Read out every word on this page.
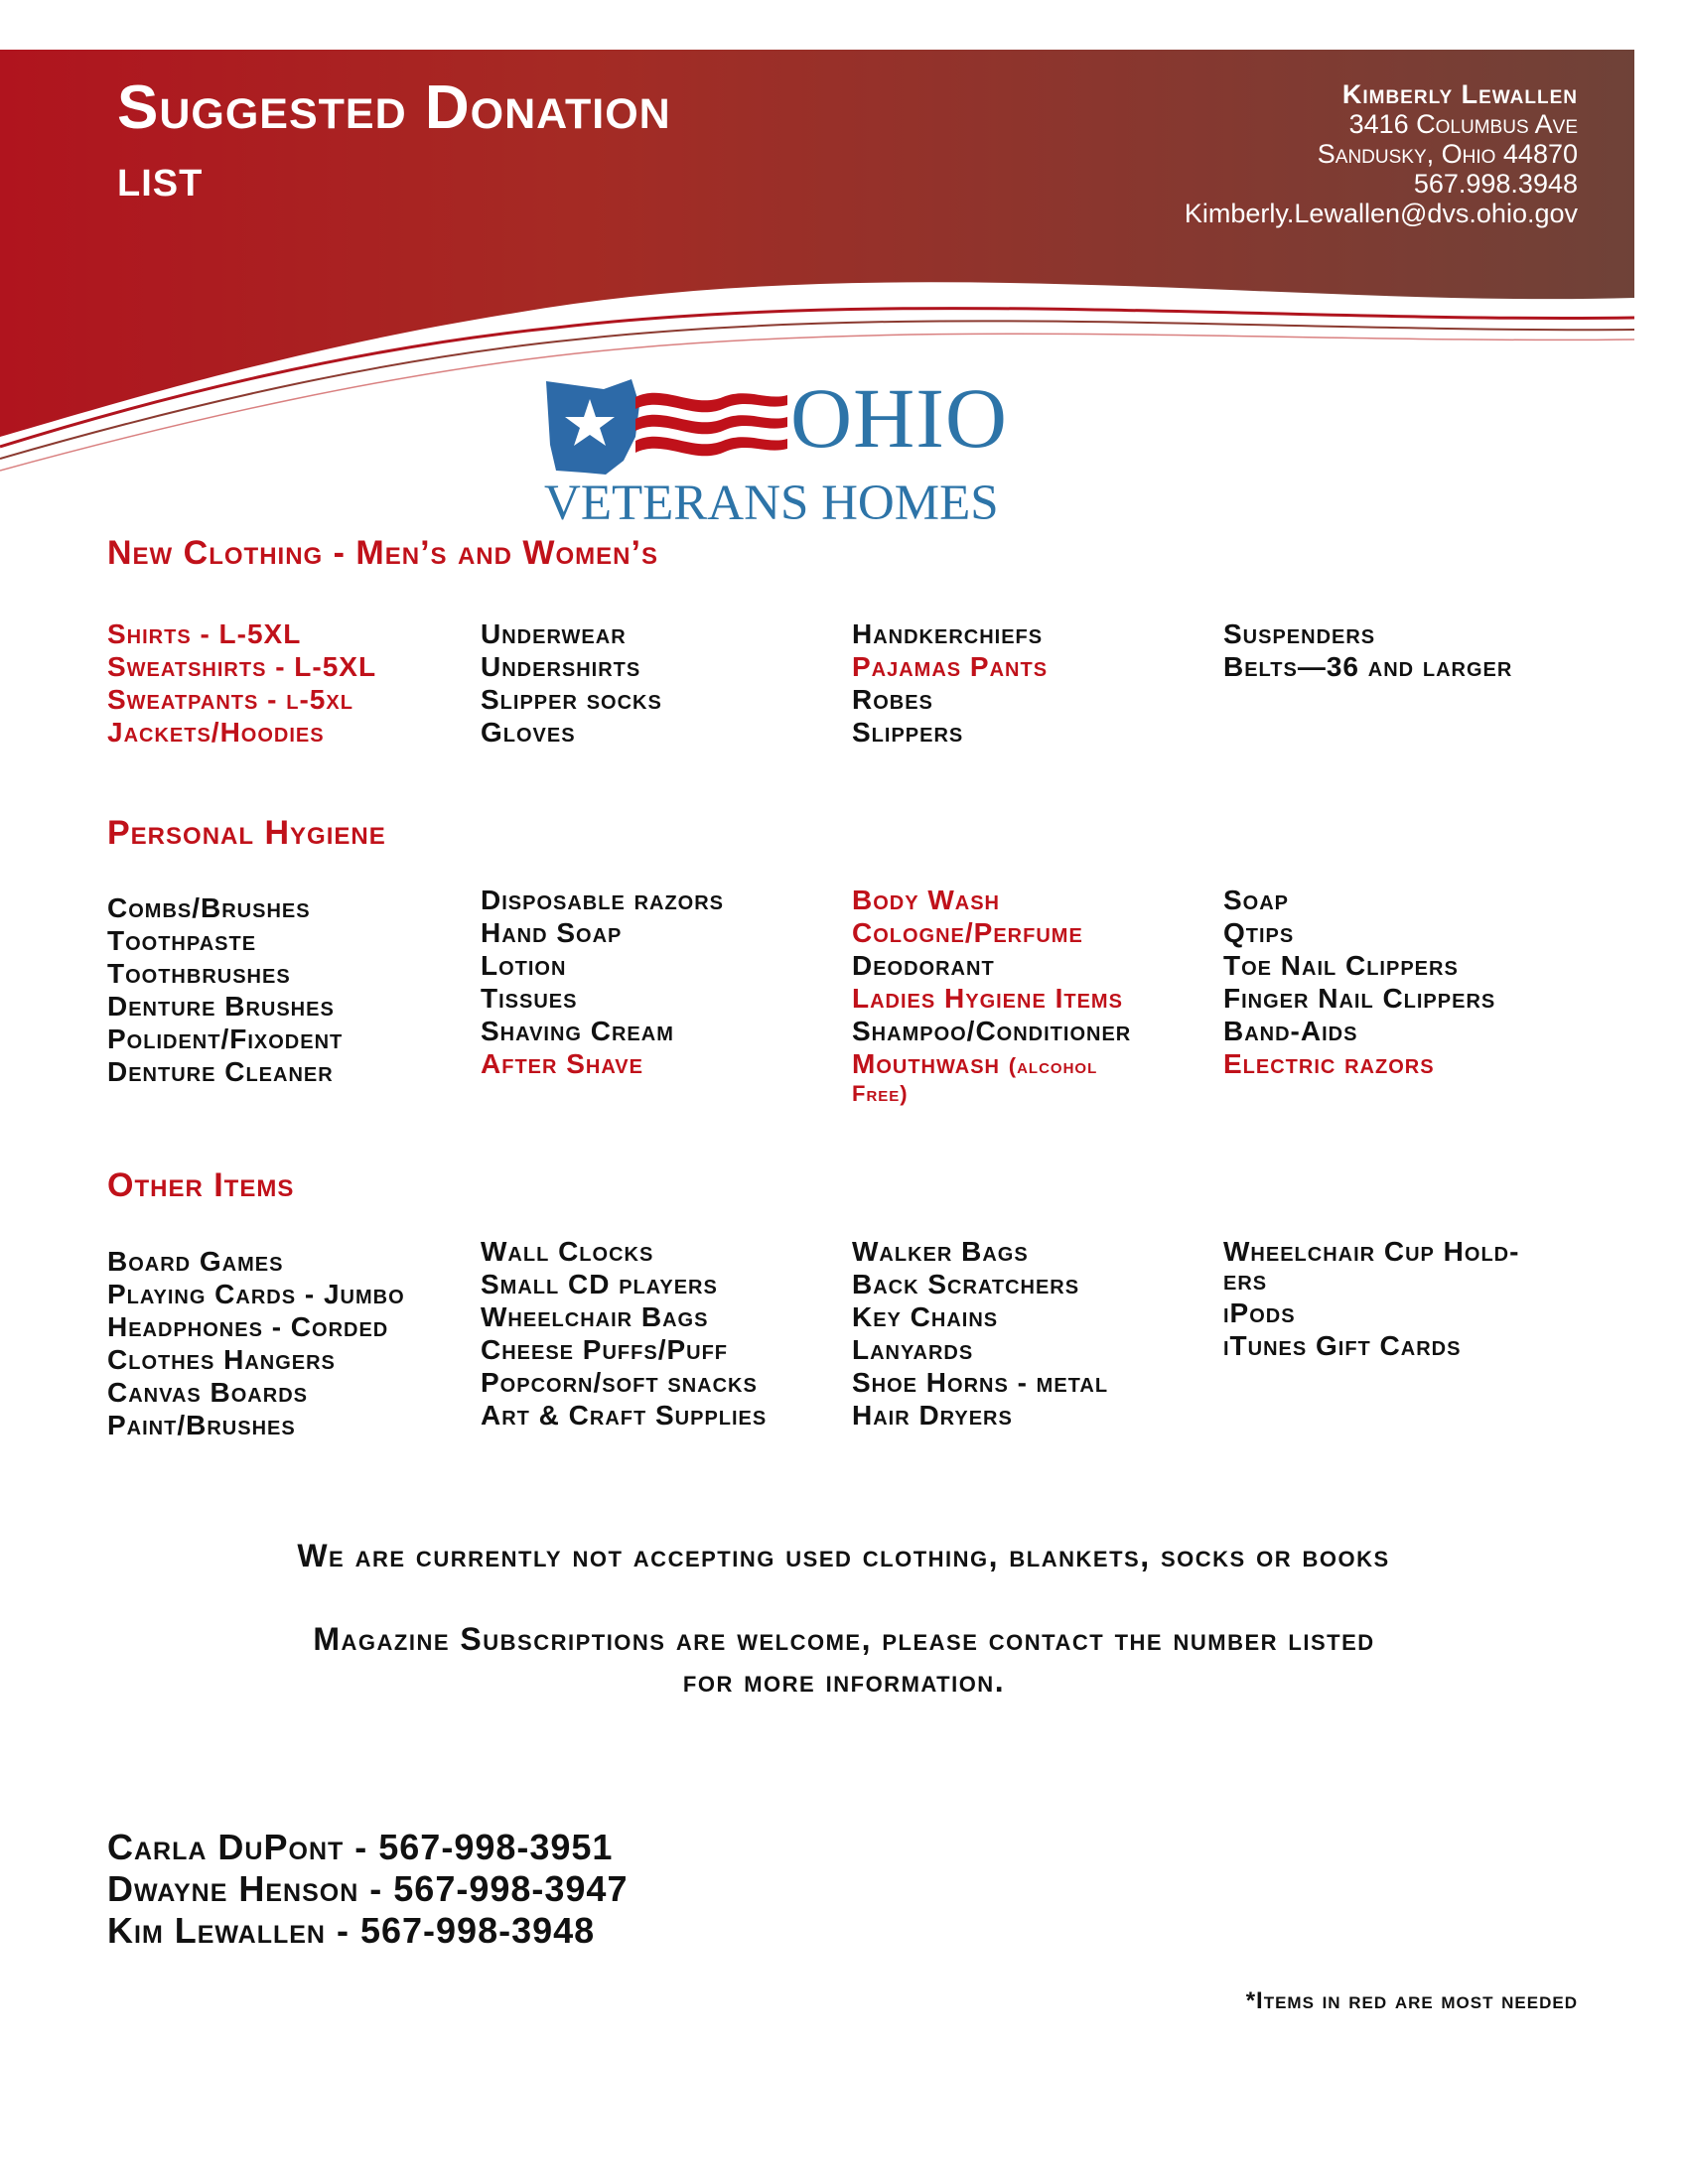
Suggested Donation
list
Kimberly Lewallen
3416 Columbus Ave
Sandusky, Ohio 44870
567.998.3948
Kimberly.Lewallen@dvs.ohio.gov
OHIO
VETERANS HOMES
New Clothing - Men’s and Women’s
Shirts - L-5XL
Sweatshirts - L-5XL
Sweatpants - l-5xl
Jackets/Hoodies
Underwear
Undershirts
Slipper socks
Gloves
Handkerchiefs
Pajamas Pants
Robes
Slippers
Suspenders
Belts—36 and larger
Personal Hygiene
Combs/Brushes
Toothpaste
Toothbrushes
Denture Brushes
Polident/Fixodent
Denture Cleaner
Disposable razors
Hand Soap
Lotion
Tissues
Shaving Cream
After Shave
Body Wash
Cologne/Perfume
Deodorant
Ladies Hygiene Items
Shampoo/Conditioner
Mouthwash (alcohol
Free)
Soap
Qtips
Toe Nail Clippers
Finger Nail Clippers
Band-Aids
Electric razors
Other Items
Board Games
Playing Cards - Jumbo
Headphones - Corded
Clothes Hangers
Canvas Boards
Paint/Brushes
Wall Clocks
Small CD players
Wheelchair Bags
Cheese Puffs/Puff
Popcorn/soft snacks
Art & Craft Supplies
Walker Bags
Back Scratchers
Key Chains
Lanyards
Shoe Horns - metal
Hair Dryers
Wheelchair Cup Hold-
ers
iPods
iTunes Gift Cards
We are currently not accepting used clothing, blankets, socks or books
Magazine Subscriptions are welcome, please contact the number listed
for more information.
Carla DuPont - 567-998-3951
Dwayne Henson - 567-998-3947
Kim Lewallen - 567-998-3948
*Items in red are most needed
